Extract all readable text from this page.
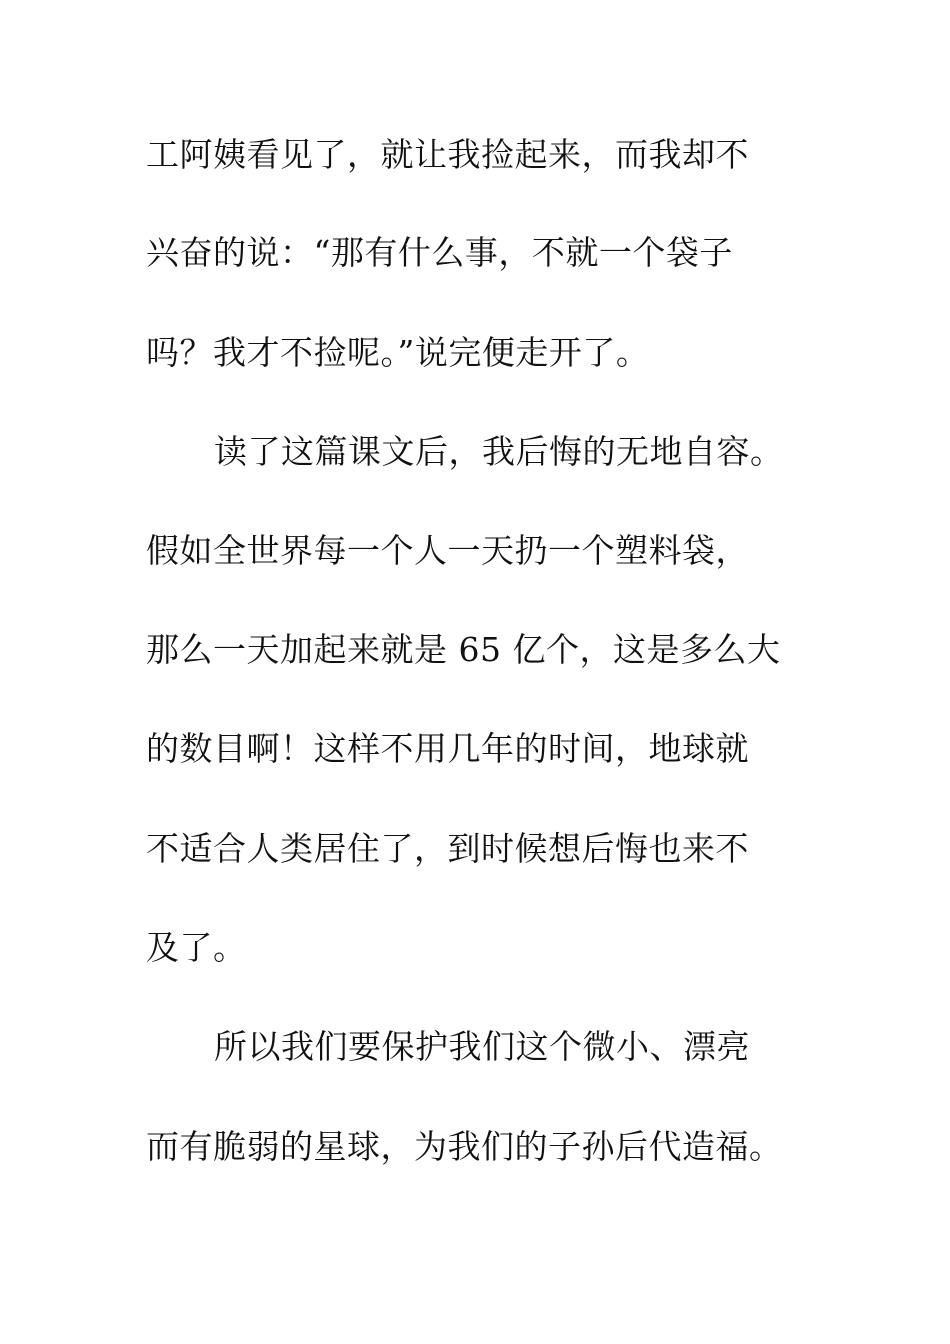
工阿姨看见了，就让我捡起来，而我却不
兴奋的说：“那有什么事，不就一个袋子
吗？我才不捡呢。”说完便走开了。
读了这篇课文后，我后悔的无地自容。
假如全世界每一个人一天扔一个塑料袋，
那么一天加起来就是 65 亿个，这是多么大
的数目啊！这样不用几年的时间，地球就
不适合人类居住了，到时候想后悔也来不
及了。
所以我们要保护我们这个微小、漂亮
而有脆弱的星球，为我们的子孙后代造福。
